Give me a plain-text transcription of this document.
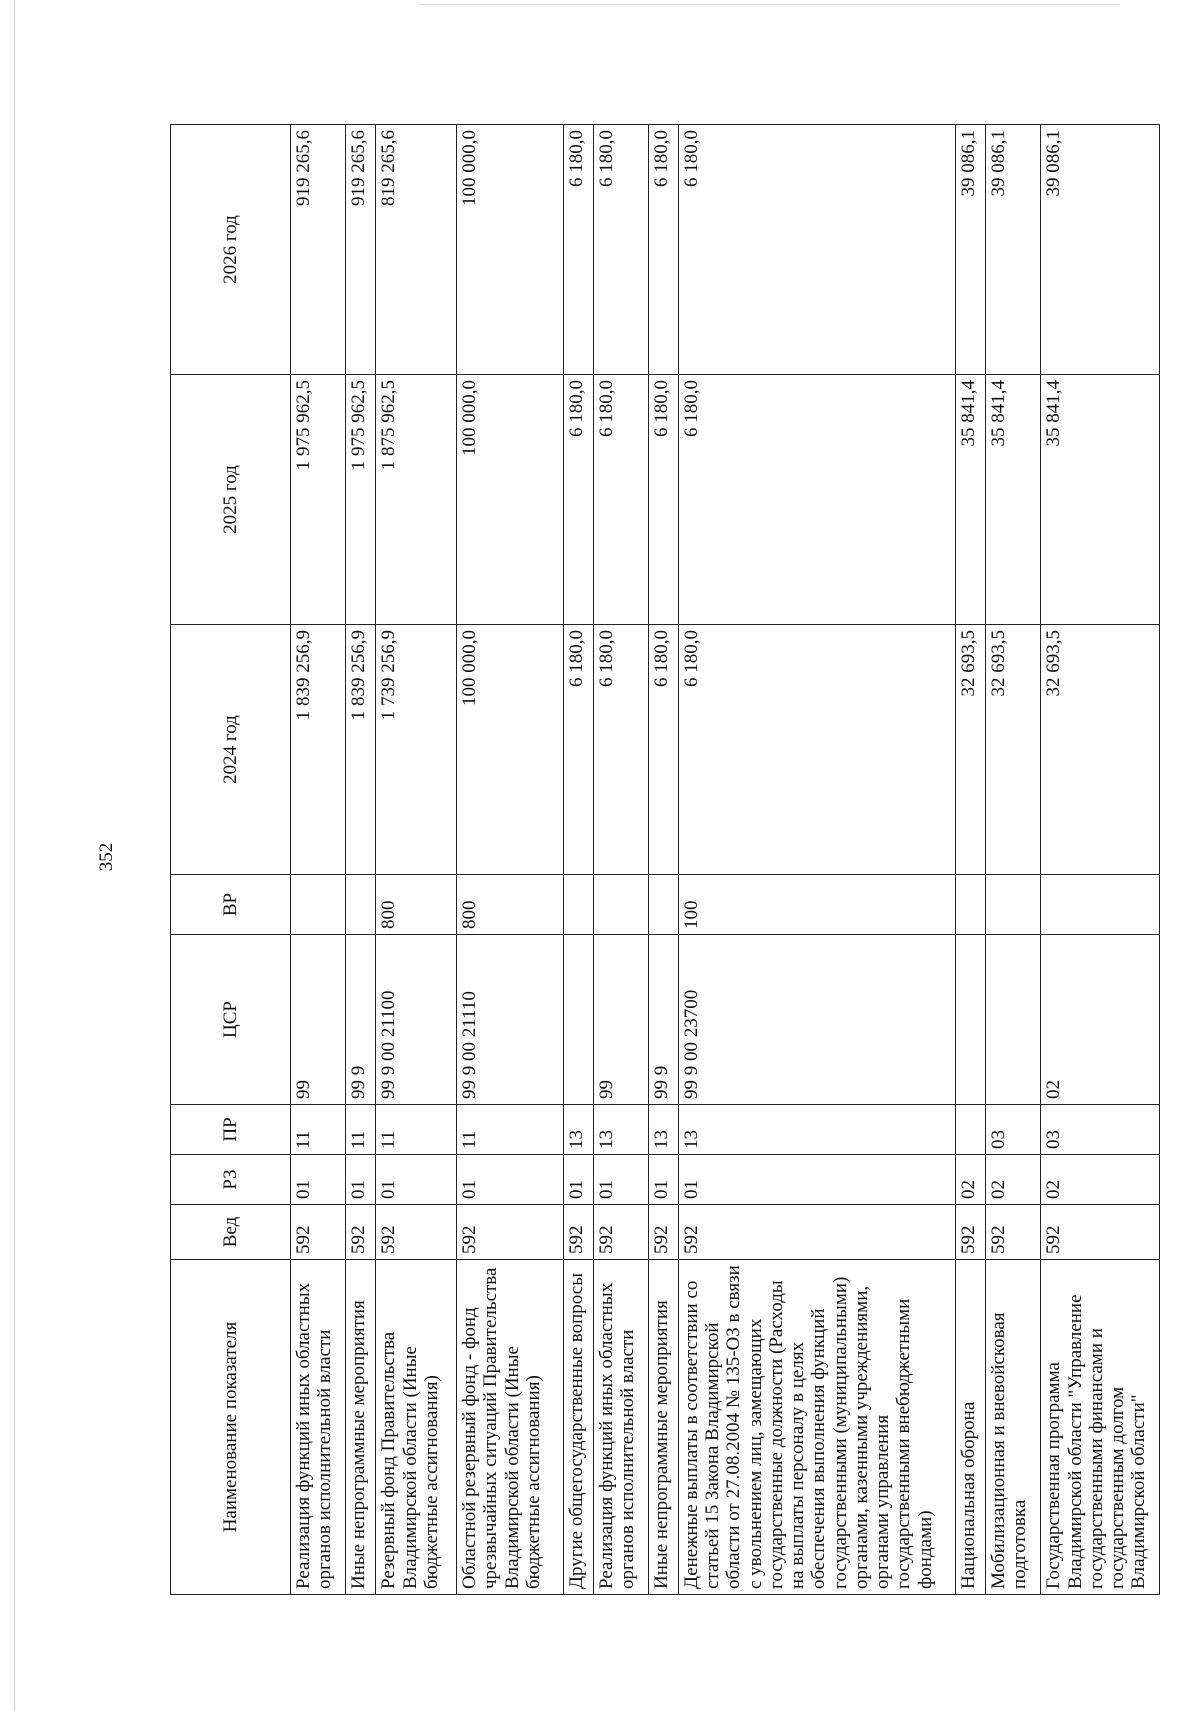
352
Наименование показателя	Вед	РЗ	ПР	ЦСР	ВР	2024 год	2025 год	2026 год
Реализация функций иных областных органов исполнительной власти	592	01	11	99		1 839 256,9	1 975 962,5	919 265,6
Иные непрограммные мероприятия	592	01	11	99 9		1 839 256,9	1 975 962,5	919 265,6
Резервный фонд Правительства Владимирской области (Иные бюджетные ассигнования)	592	01	11	99 9 00 21100	800	1 739 256,9	1 875 962,5	819 265,6
Областной резервный фонд - фонд чрезвычайных ситуаций Правительства Владимирской области (Иные бюджетные ассигнования)	592	01	11	99 9 00 21110	800	100 000,0	100 000,0	100 000,0
Другие общегосударственные вопросы	592	01	13			6 180,0	6 180,0	6 180,0
Реализация функций иных областных органов исполнительной власти	592	01	13	99		6 180,0	6 180,0	6 180,0
Иные непрограммные мероприятия	592	01	13	99 9		6 180,0	6 180,0	6 180,0
Денежные выплаты в соответствии со статьей 15 Закона Владимирской области от 27.08.2004 № 135-ОЗ в связи с увольнением лиц, замещающих государственные должности (Расходы на выплаты персоналу в целях обеспечения выполнения функций государственными (муниципальными) органами, казенными учреждениями, органами управления государственными внебюджетными фондами)	592	01	13	99 9 00 23700	100	6 180,0	6 180,0	6 180,0
Национальная оборона	592	02				32 693,5	35 841,4	39 086,1
Мобилизационная и вневойсковая подготовка	592	02	03			32 693,5	35 841,4	39 086,1
Государственная программа Владимирской области "Управление государственными финансами и государственным долгом Владимирской области"	592	02	03	02		32 693,5	35 841,4	39 086,1
